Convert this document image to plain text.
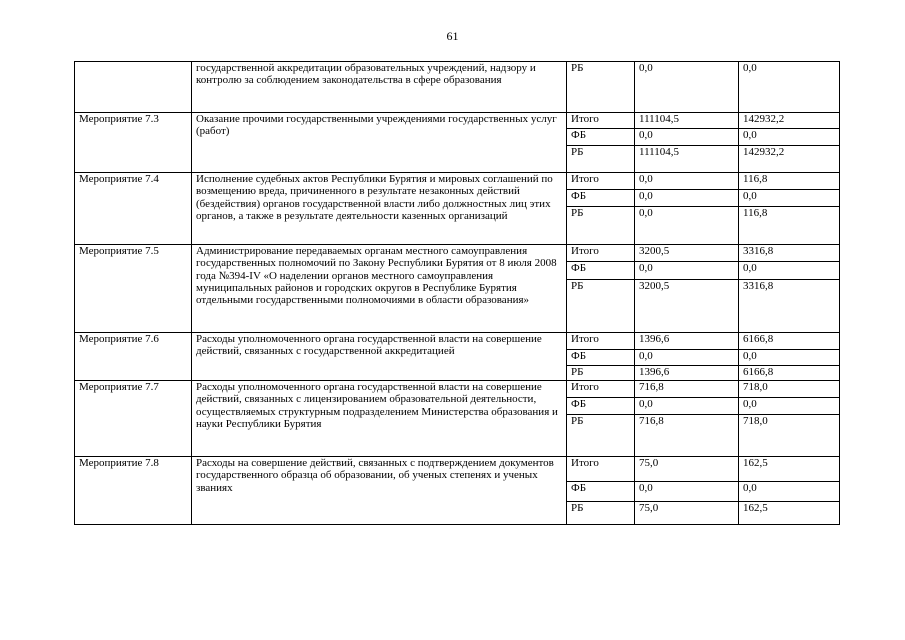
61
	государственной аккредитации образовательных учреждений, надзору и контролю за соблюдением законодательства в сфере образования	РБ	0,0	0,0
Мероприятие 7.3	Оказание прочими государственными учреждениями государственных услуг (работ)	Итого	111104,5	142932,2
		ФБ	0,0	0,0
		РБ	111104,5	142932,2
Мероприятие 7.4	Исполнение судебных актов Республики Бурятия и мировых соглашений по возмещению вреда, причиненного в результате незаконных действий (бездействия) органов государственной власти либо должностных лиц этих органов, а также в результате деятельности казенных организаций	Итого	0,0	116,8
		ФБ	0,0	0,0
		РБ	0,0	116,8
Мероприятие 7.5	Администрирование передаваемых органам местного самоуправления государственных полномочий по Закону Республики Бурятия от 8 июля 2008 года №394-IV «О наделении органов местного самоуправления муниципальных районов и городских округов в Республике Бурятия отдельными государственными полномочиями в области образования»	Итого	3200,5	3316,8
		ФБ	0,0	0,0
		РБ	3200,5	3316,8
Мероприятие 7.6	Расходы уполномоченного органа государственной власти на совершение действий, связанных с государственной аккредитацией	Итого	1396,6	6166,8
		ФБ	0,0	0,0
		РБ	1396,6	6166,8
Мероприятие 7.7	Расходы уполномоченного органа государственной власти на совершение действий, связанных с лицензированием образовательной деятельности, осуществляемых структурным подразделением Министерства образования и науки Республики Бурятия	Итого	716,8	718,0
		ФБ	0,0	0,0
		РБ	716,8	718,0
Мероприятие 7.8	Расходы на совершение действий, связанных с подтверждением документов государственного образца об образовании, об ученых степенях и ученых званиях	Итого	75,0	162,5
		ФБ	0,0	0,0
		РБ	75,0	162,5
